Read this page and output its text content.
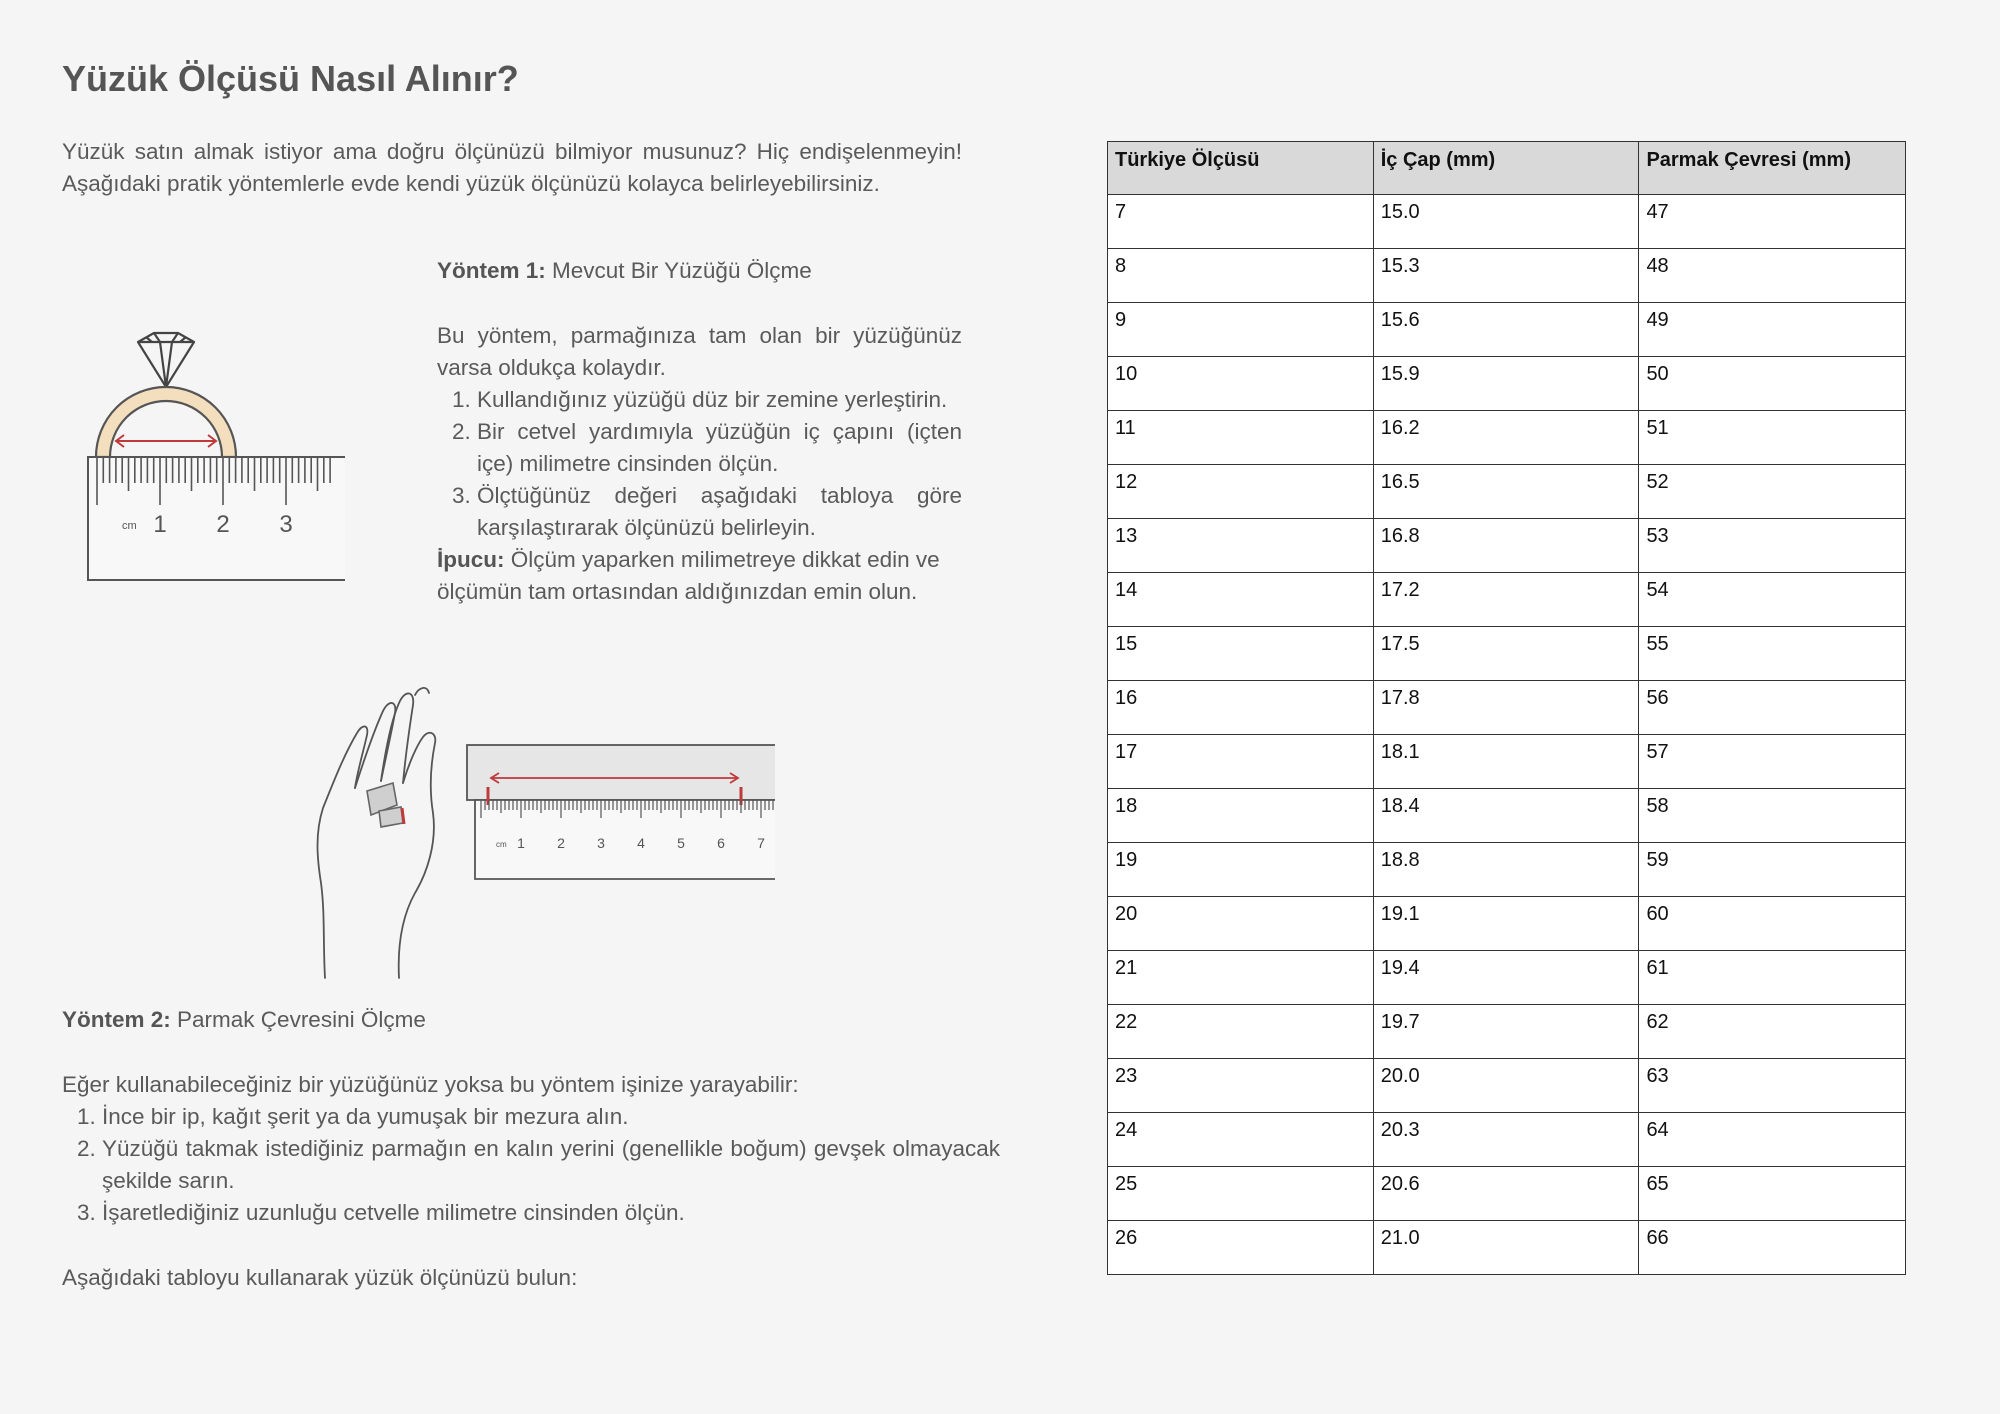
Yüzük Ölçüsü Nasıl Alınır?

Yüzük satın almak istiyor ama doğru ölçünüzü bilmiyor musunuz? Hiç endişelenmeyin! Aşağıdaki pratik yöntemlerle evde kendi yüzük ölçünüzü kolayca belirleyebilirsiniz.

cm 1 2 3
Yöntem 1: Mevcut Bir Yüzüğü Ölçme
Bu yöntem, parmağınıza tam olan bir yüzüğünüz varsa oldukça kolaydır.
1. Kullandığınız yüzüğü düz bir zemine yerleştirin.
2. Bir cetvel yardımıyla yüzüğün iç çapını (içten içe) milimetre cinsinden ölçün.
3. Ölçtüğünüz değeri aşağıdaki tabloya göre karşılaştırarak ölçünüzü belirleyin.
İpucu: Ölçüm yaparken milimetreye dikkat edin ve ölçümün tam ortasından aldığınızdan emin olun.
cm 1 2 3 4 5 6 7
Yöntem 2: Parmak Çevresini Ölçme
Eğer kullanabileceğiniz bir yüzüğünüz yoksa bu yöntem işinize yarayabilir:
1. İnce bir ip, kağıt şerit ya da yumuşak bir mezura alın.
2. Yüzüğü takmak istediğiniz parmağın en kalın yerini (genellikle boğum) gevşek olmayacak şekilde sarın.
3. İşaretlediğiniz uzunluğu cetvelle milimetre cinsinden ölçün.
Aşağıdaki tabloyu kullanarak yüzük ölçünüzü bulun:
Türkiye Ölçüsü	İç Çap (mm)	Parmak Çevresi (mm)
7	15.0	47
8	15.3	48
9	15.6	49
10	15.9	50
11	16.2	51
12	16.5	52
13	16.8	53
14	17.2	54
15	17.5	55
16	17.8	56
17	18.1	57
18	18.4	58
19	18.8	59
20	19.1	60
21	19.4	61
22	19.7	62
23	20.0	63
24	20.3	64
25	20.6	65
26	21.0	66
